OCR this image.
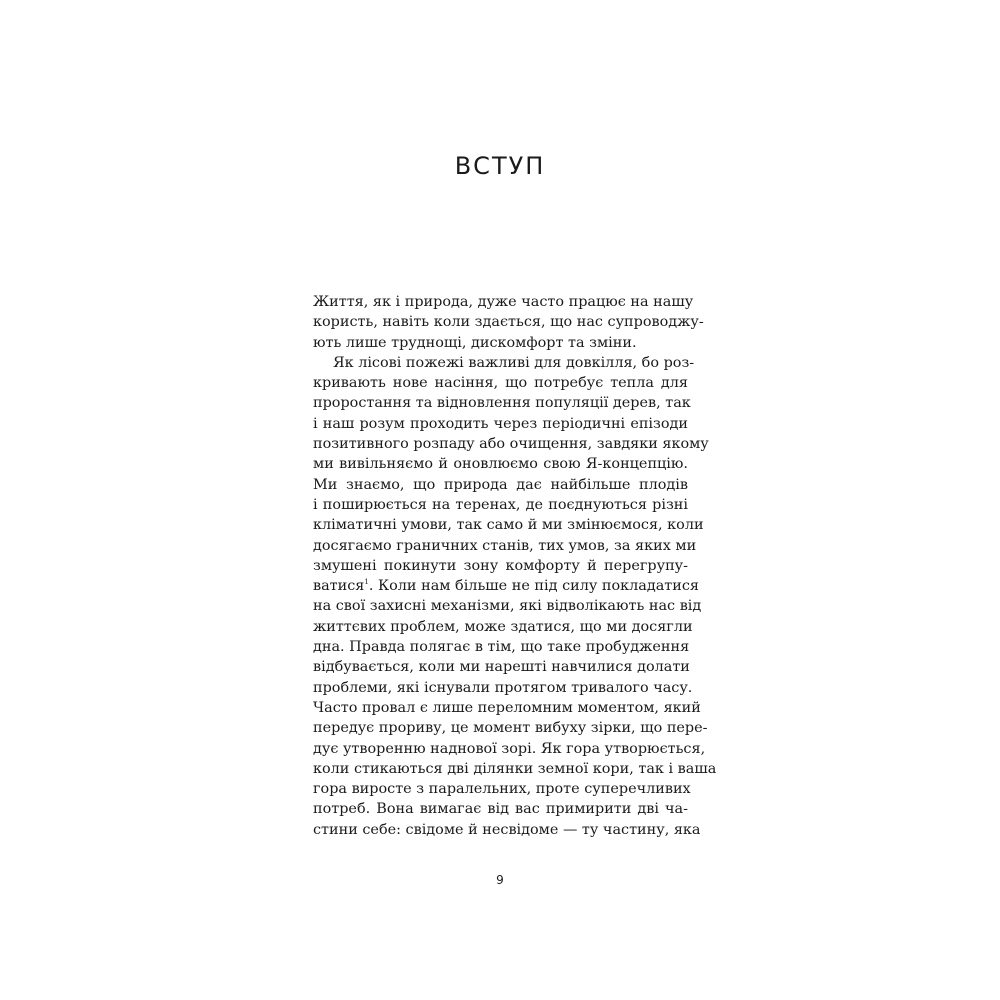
ВСТУП
Життя, як і природа, дуже часто працює на нашу
користь, навіть коли здається, що нас супроводжу-
ють лише труднощі, дискомфорт та зміни.
Як лісові пожежі важливі для довкілля, бо роз-
кривають нове насіння, що потребує тепла для
проростання та відновлення популяції дерев, так
і наш розум проходить через періодичні епізоди
позитивного розпаду або очищення, завдяки якому
ми вивільняємо й оновлюємо свою Я-концепцію.
Ми знаємо, що природа дає найбільше плодів
і поширюється на теренах, де поєднуються різні
кліматичні умови, так само й ми змінюємося, коли
досягаємо граничних станів, тих умов, за яких ми
змушені покинути зону комфорту й перегрупу-
ватися$^1$. Коли нам більше не під силу покладатися
на свої захисні механізми, які відволікають нас від
життєвих проблем, може здатися, що ми досягли
дна. Правда полягає в тім, що таке пробудження
відбувається, коли ми нарешті навчилися долати
проблеми, які існували протягом тривалого часу.
Часто провал є лише переломним моментом, який
передує прориву, це момент вибуху зірки, що пере-
дує утворенню наднової зорі. Як гора утворюється,
коли стикаються дві ділянки земної кори, так і ваша
гора виросте з паралельних, проте суперечливих
потреб. Вона вимагає від вас примирити дві ча-
стини себе: свідоме й несвідоме — ту частину, яка
9
